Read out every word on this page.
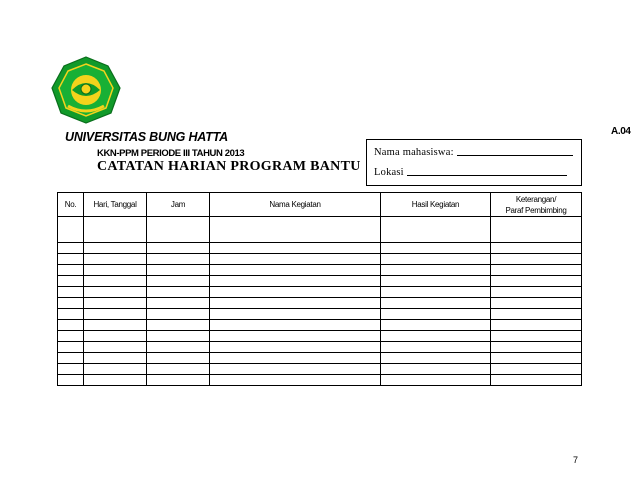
UNIVERSITAS BUNG HATTA
KKN-PPM PERIODE III TAHUN 2013
CATATAN HARIAN PROGRAM BANTU
A.04
Nama mahasiswa:
Lokasi
No.	Hari, Tanggal	Jam	Nama Kegiatan	Hasil Kegiatan	Keterangan/
Paraf Pembimbing

7
